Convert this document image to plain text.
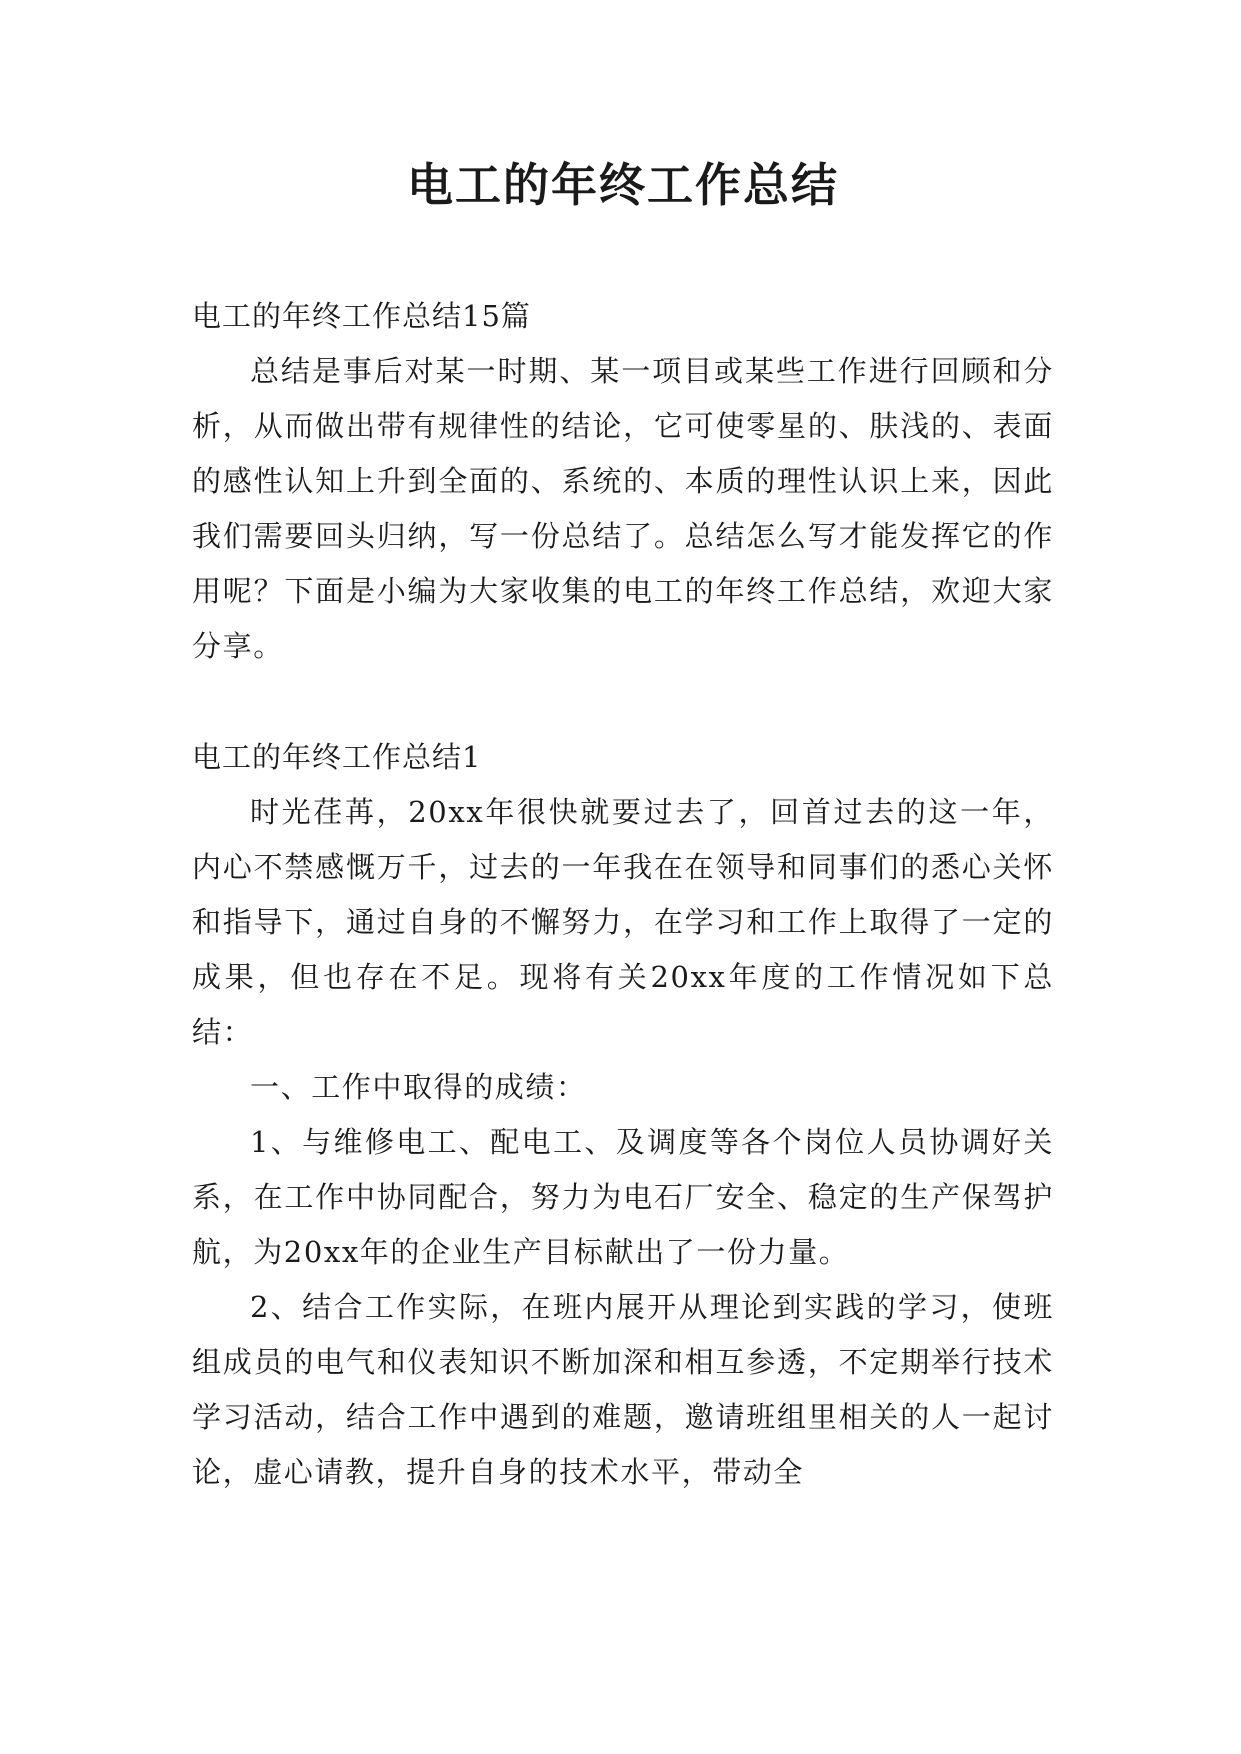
电工的年终工作总结

电工的年终工作总结15篇

总结是事后对某一时期、某一项目或某些工作进行回顾和分析，从而做出带有规律性的结论，它可使零星的、肤浅的、表面的感性认知上升到全面的、系统的、本质的理性认识上来，因此我们需要回头归纳，写一份总结了。总结怎么写才能发挥它的作用呢？下面是小编为大家收集的电工的年终工作总结，欢迎大家分享。

电工的年终工作总结1

时光荏苒，20xx年很快就要过去了，回首过去的这一年，内心不禁感慨万千，过去的一年我在在领导和同事们的悉心关怀和指导下，通过自身的不懈努力，在学习和工作上取得了一定的成果，但也存在不足。现将有关20xx年度的工作情况如下总结：

一、工作中取得的成绩：

1、与维修电工、配电工、及调度等各个岗位人员协调好关系，在工作中协同配合，努力为电石厂安全、稳定的生产保驾护航，为20xx年的企业生产目标献出了一份力量。

2、结合工作实际，在班内展开从理论到实践的学习，使班组成员的电气和仪表知识不断加深和相互参透，不定期举行技术学习活动，结合工作中遇到的难题，邀请班组里相关的人一起讨论，虚心请教，提升自身的技术水平，带动全
